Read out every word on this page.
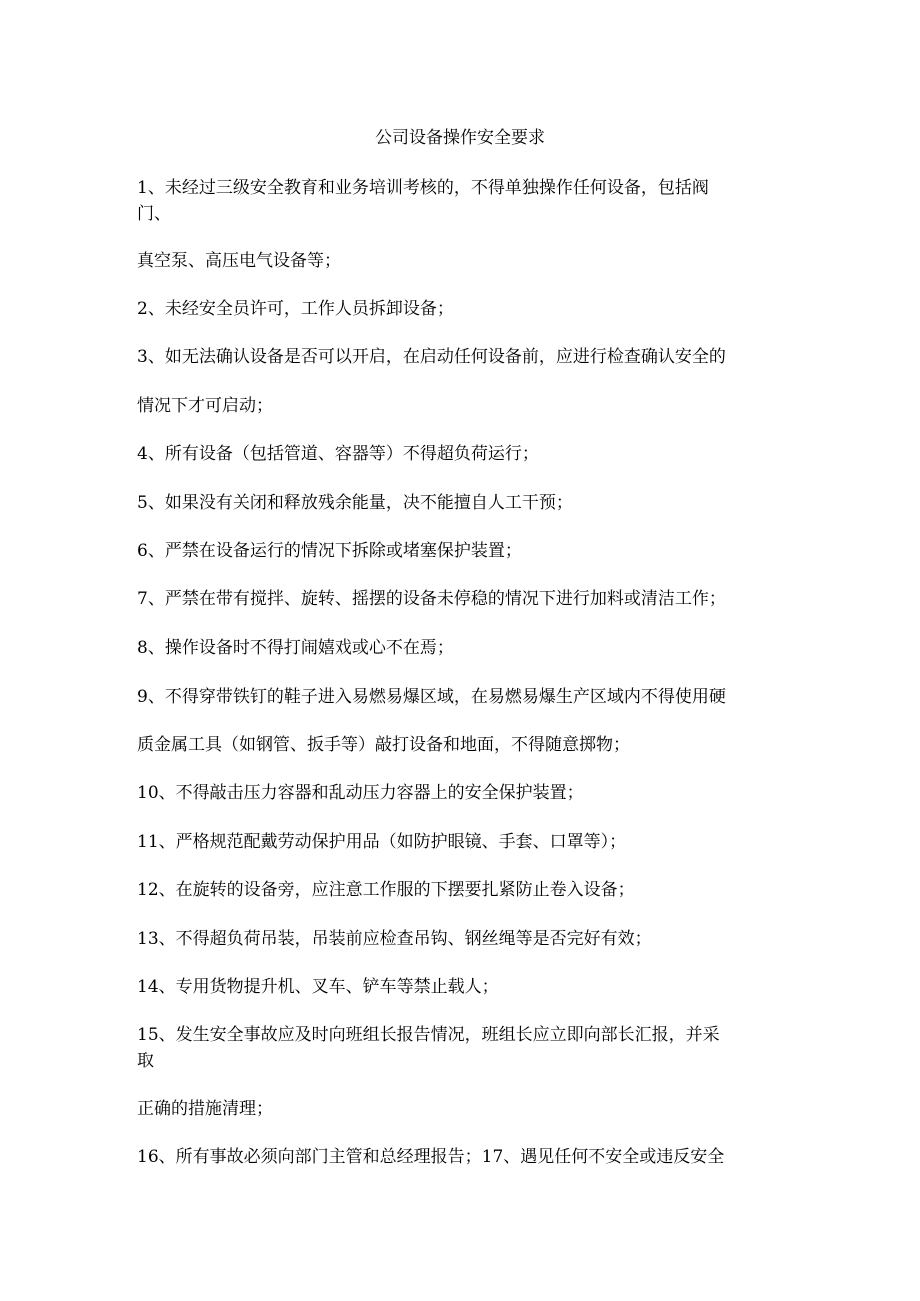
公司设备操作安全要求
1、未经过三级安全教育和业务培训考核的，不得单独操作任何设备，包括阀
门、
真空泵、高压电气设备等；
2、未经安全员许可，工作人员拆卸设备；
3、如无法确认设备是否可以开启，在启动任何设备前，应进行检查确认安全的
情况下才可启动；
4、所有设备（包括管道、容器等）不得超负荷运行；
5、如果没有关闭和释放残余能量，决不能擅自人工干预；
6、严禁在设备运行的情况下拆除或堵塞保护装置；
7、严禁在带有搅拌、旋转、摇摆的设备未停稳的情况下进行加料或清洁工作；
8、操作设备时不得打闹嬉戏或心不在焉；
9、不得穿带铁钉的鞋子进入易燃易爆区域，在易燃易爆生产区域内不得使用硬
质金属工具（如钢管、扳手等）敲打设备和地面，不得随意掷物；
10、不得敲击压力容器和乱动压力容器上的安全保护装置；
11、严格规范配戴劳动保护用品（如防护眼镜、手套、口罩等）；
12、在旋转的设备旁，应注意工作服的下摆要扎紧防止卷入设备；
13、不得超负荷吊装，吊装前应检查吊钩、钢丝绳等是否完好有效；
14、专用货物提升机、叉车、铲车等禁止载人；
15、发生安全事故应及时向班组长报告情况，班组长应立即向部长汇报，并采
取
正确的措施清理；
16、所有事故必须向部门主管和总经理报告；17、遇见任何不安全或违反安全
